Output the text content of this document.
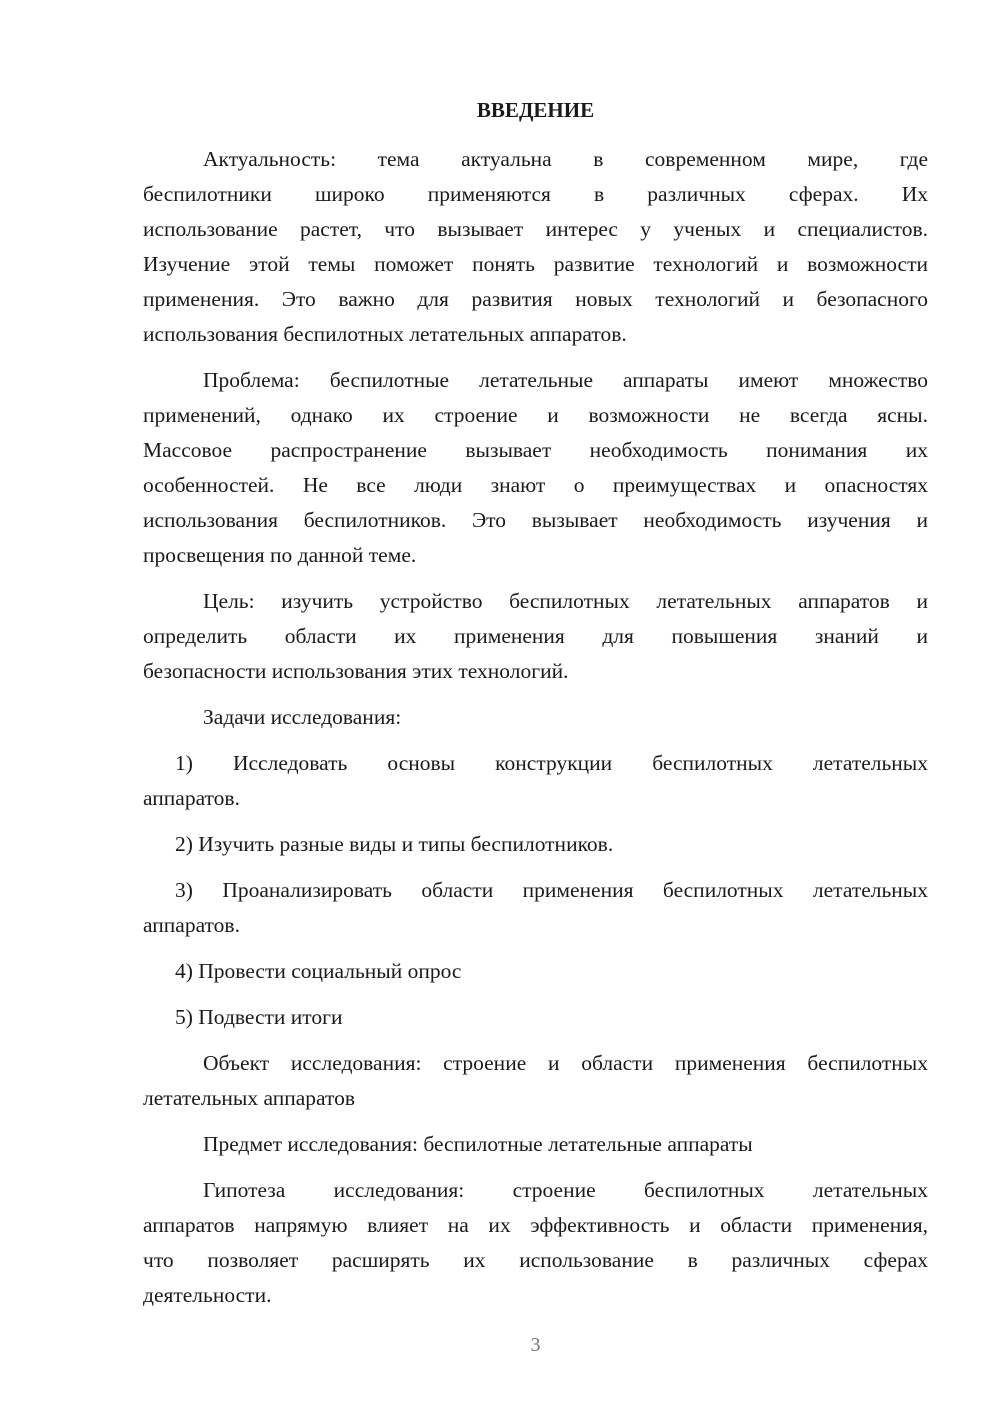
ВВЕДЕНИЕ
Актуальность: тема актуальна в современном мире, где
беспилотники широко применяются в различных сферах. Их
использование растет, что вызывает интерес у ученых и специалистов.
Изучение этой темы поможет понять развитие технологий и возможности
применения. Это важно для развития новых технологий и безопасного
использования беспилотных летательных аппаратов.
Проблема: беспилотные летательные аппараты имеют множество
применений, однако их строение и возможности не всегда ясны.
Массовое распространение вызывает необходимость понимания их
особенностей. Не все люди знают о преимуществах и опасностях
использования беспилотников. Это вызывает необходимость изучения и
просвещения по данной теме.
Цель: изучить устройство беспилотных летательных аппаратов и
определить области их применения для повышения знаний и
безопасности использования этих технологий.
Задачи исследования:
1) Исследовать основы конструкции беспилотных летательных
аппаратов.
2) Изучить разные виды и типы беспилотников.
3) Проанализировать области применения беспилотных летательных
аппаратов.
4) Провести социальный опрос
5) Подвести итоги
Объект исследования: строение и области применения беспилотных
летательных аппаратов
Предмет исследования: беспилотные летательные аппараты
Гипотеза исследования: строение беспилотных летательных
аппаратов напрямую влияет на их эффективность и области применения,
что позволяет расширять их использование в различных сферах
деятельности.
3
